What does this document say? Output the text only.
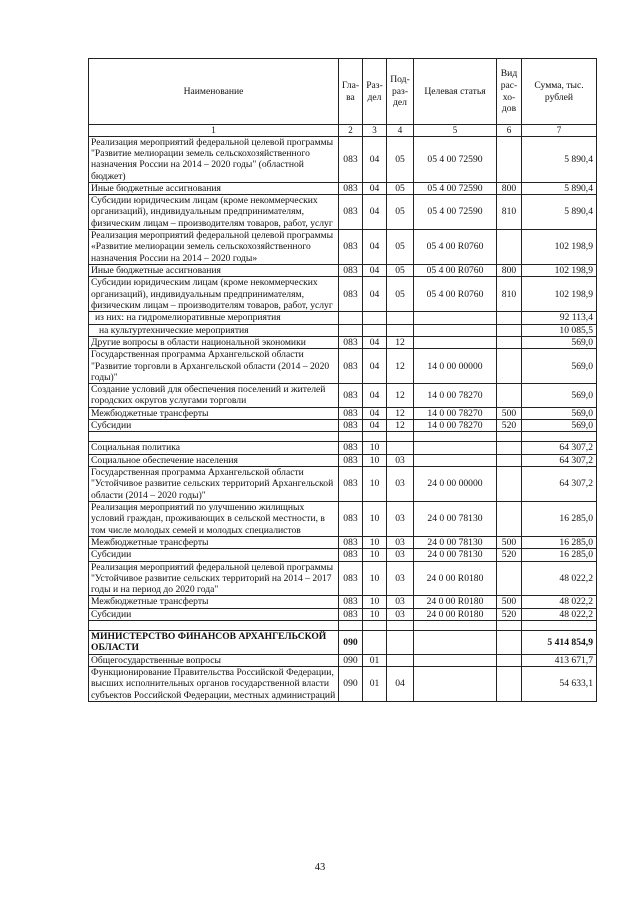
Наименование	Гла-ва	Раз-дел	Под-раз-дел	Целевая статья	Вид рас-хо-дов	Сумма, тыс. рублей
1	2	3	4	5	6	7
Реализация мероприятий федеральной целевой программы "Развитие мелиорации земель сельскохозяйственного назначения России на 2014 – 2020 годы" (областной бюджет)	083	04	05	05 4 00 72590		5 890,4
Иные бюджетные ассигнования	083	04	05	05 4 00 72590	800	5 890,4
Субсидии юридическим лицам (кроме некоммерческих организаций), индивидуальным предпринимателям, физическим лицам – производителям товаров, работ, услуг	083	04	05	05 4 00 72590	810	5 890,4
Реализация мероприятий федеральной целевой программы «Развитие мелиорации земель сельскохозяйственного назначения России на 2014 – 2020 годы»	083	04	05	05 4 00 R0760		102 198,9
Иные бюджетные ассигнования	083	04	05	05 4 00 R0760	800	102 198,9
Субсидии юридическим лицам (кроме некоммерческих организаций), индивидуальным предпринимателям, физическим лицам – производителям товаров, работ, услуг	083	04	05	05 4 00 R0760	810	102 198,9
из них: на гидромелиоративные мероприятия						92 113,4
на культуртехнические мероприятия						10 085,5
Другие вопросы в области национальной экономики	083	04	12			569,0
Государственная программа Архангельской области "Развитие торговли в Архангельской области (2014 – 2020 годы)"	083	04	12	14 0 00 00000		569,0
Создание условий для обеспечения поселений и жителей городских округов услугами торговли	083	04	12	14 0 00 78270		569,0
Межбюджетные трансферты	083	04	12	14 0 00 78270	500	569,0
Субсидии	083	04	12	14 0 00 78270	520	569,0

Социальная политика	083	10				64 307,2
Социальное обеспечение населения	083	10	03			64 307,2
Государственная программа Архангельской области "Устойчивое развитие сельских территорий Архангельской области (2014 – 2020 годы)"	083	10	03	24 0 00 00000		64 307,2
Реализация мероприятий по улучшению жилищных условий граждан, проживающих в сельской местности, в том числе молодых семей и молодых специалистов	083	10	03	24 0 00 78130		16 285,0
Межбюджетные трансферты	083	10	03	24 0 00 78130	500	16 285,0
Субсидии	083	10	03	24 0 00 78130	520	16 285,0
Реализация мероприятий федеральной целевой программы "Устойчивое развитие сельских территорий на 2014 – 2017 годы и на период до 2020 года"	083	10	03	24 0 00 R0180		48 022,2
Межбюджетные трансферты	083	10	03	24 0 00 R0180	500	48 022,2
Субсидии	083	10	03	24 0 00 R0180	520	48 022,2

МИНИСТЕРСТВО ФИНАНСОВ АРХАНГЕЛЬСКОЙ ОБЛАСТИ	090					5 414 854,9
Общегосударственные вопросы	090	01				413 671,7
Функционирование Правительства Российской Федерации, высших исполнительных органов государственной власти субъектов Российской Федерации, местных администраций	090	01	04			54 633,1
43
